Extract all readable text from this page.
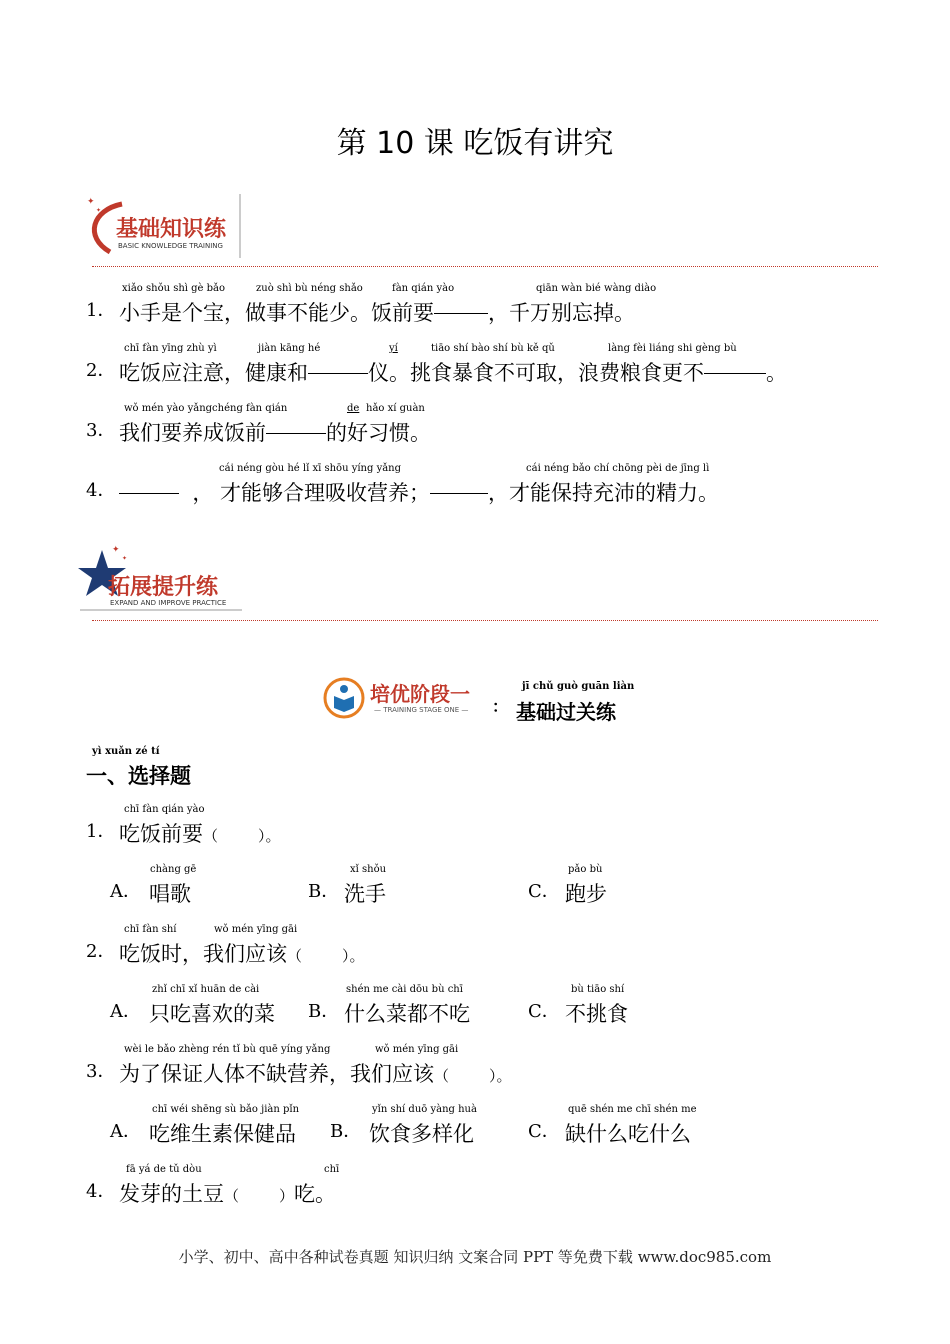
第 10 课 吃饭有讲究
✦
✦
基础知识练
BASIC KNOWLEDGE TRAINING
1．
xiǎo shǒu shì gè bǎo	zuò shì bù néng shǎo	fàn qián yào	qiān wàn bié wàng diào
小手是个宝，做事不能少。饭前要	，千万别忘掉。
2．
chī fàn yīng zhù yì	jiàn kāng hé	yí	tiāo shí bào shí bù kě qǔ	làng fèi liáng shi gèng bù
吃饭应注意，健康和	仪。挑食暴食不可取，浪费粮食更不	。
3．
wǒ mén yào yǎngchéng fàn qián	de hǎo xí guàn
我们要养成饭前	的好习惯。
4．
cái néng gòu hé lǐ xī shōu yíng yǎng	cái néng bǎo chí chōng pèi de jīng lì
， 才能够合理吸收营养；	，才能保持充沛的精力。
✦
✦
拓展提升练
EXPAND AND IMPROVE PRACTICE
培优阶段一
— TRAINING STAGE ONE — ：
jī chǔ guò guān liàn
基础过关练
yì xuǎn zé tí
一、选择题
1．
chī fàn qián yào
吃饭前要（	）。
A．
chàng gē
唱歌	B．
xǐ shǒu
洗手	C．
pǎo bù
跑步
2．
chī fàn shí	wǒ mén yīng gāi
吃饭时，我们应该（	）。
A．
zhǐ chī xǐ huān de cài
只吃喜欢的菜 B．
shén me cài dōu bù chī
什么菜都不吃	C．
bù tiāo shí
不挑食
3．
wèi le bǎo zhèng rén tǐ bù quē yíng yǎng	wǒ mén yīng gāi
为了保证人体不缺营养，我们应该（	）。
A．
chī wéi shēng sù bǎo jiàn pǐn
吃维生素保健品 B．
yǐn shí duō yàng huà
饮食多样化	C．
quē shén me chī shén me
缺什么吃什么
4．
fā yá de tǔ dòu	chī
发芽的土豆（	）吃。
小学、初中、高中各种试卷真题 知识归纳 文案合同 PPT 等免费下载 www.doc985.com
